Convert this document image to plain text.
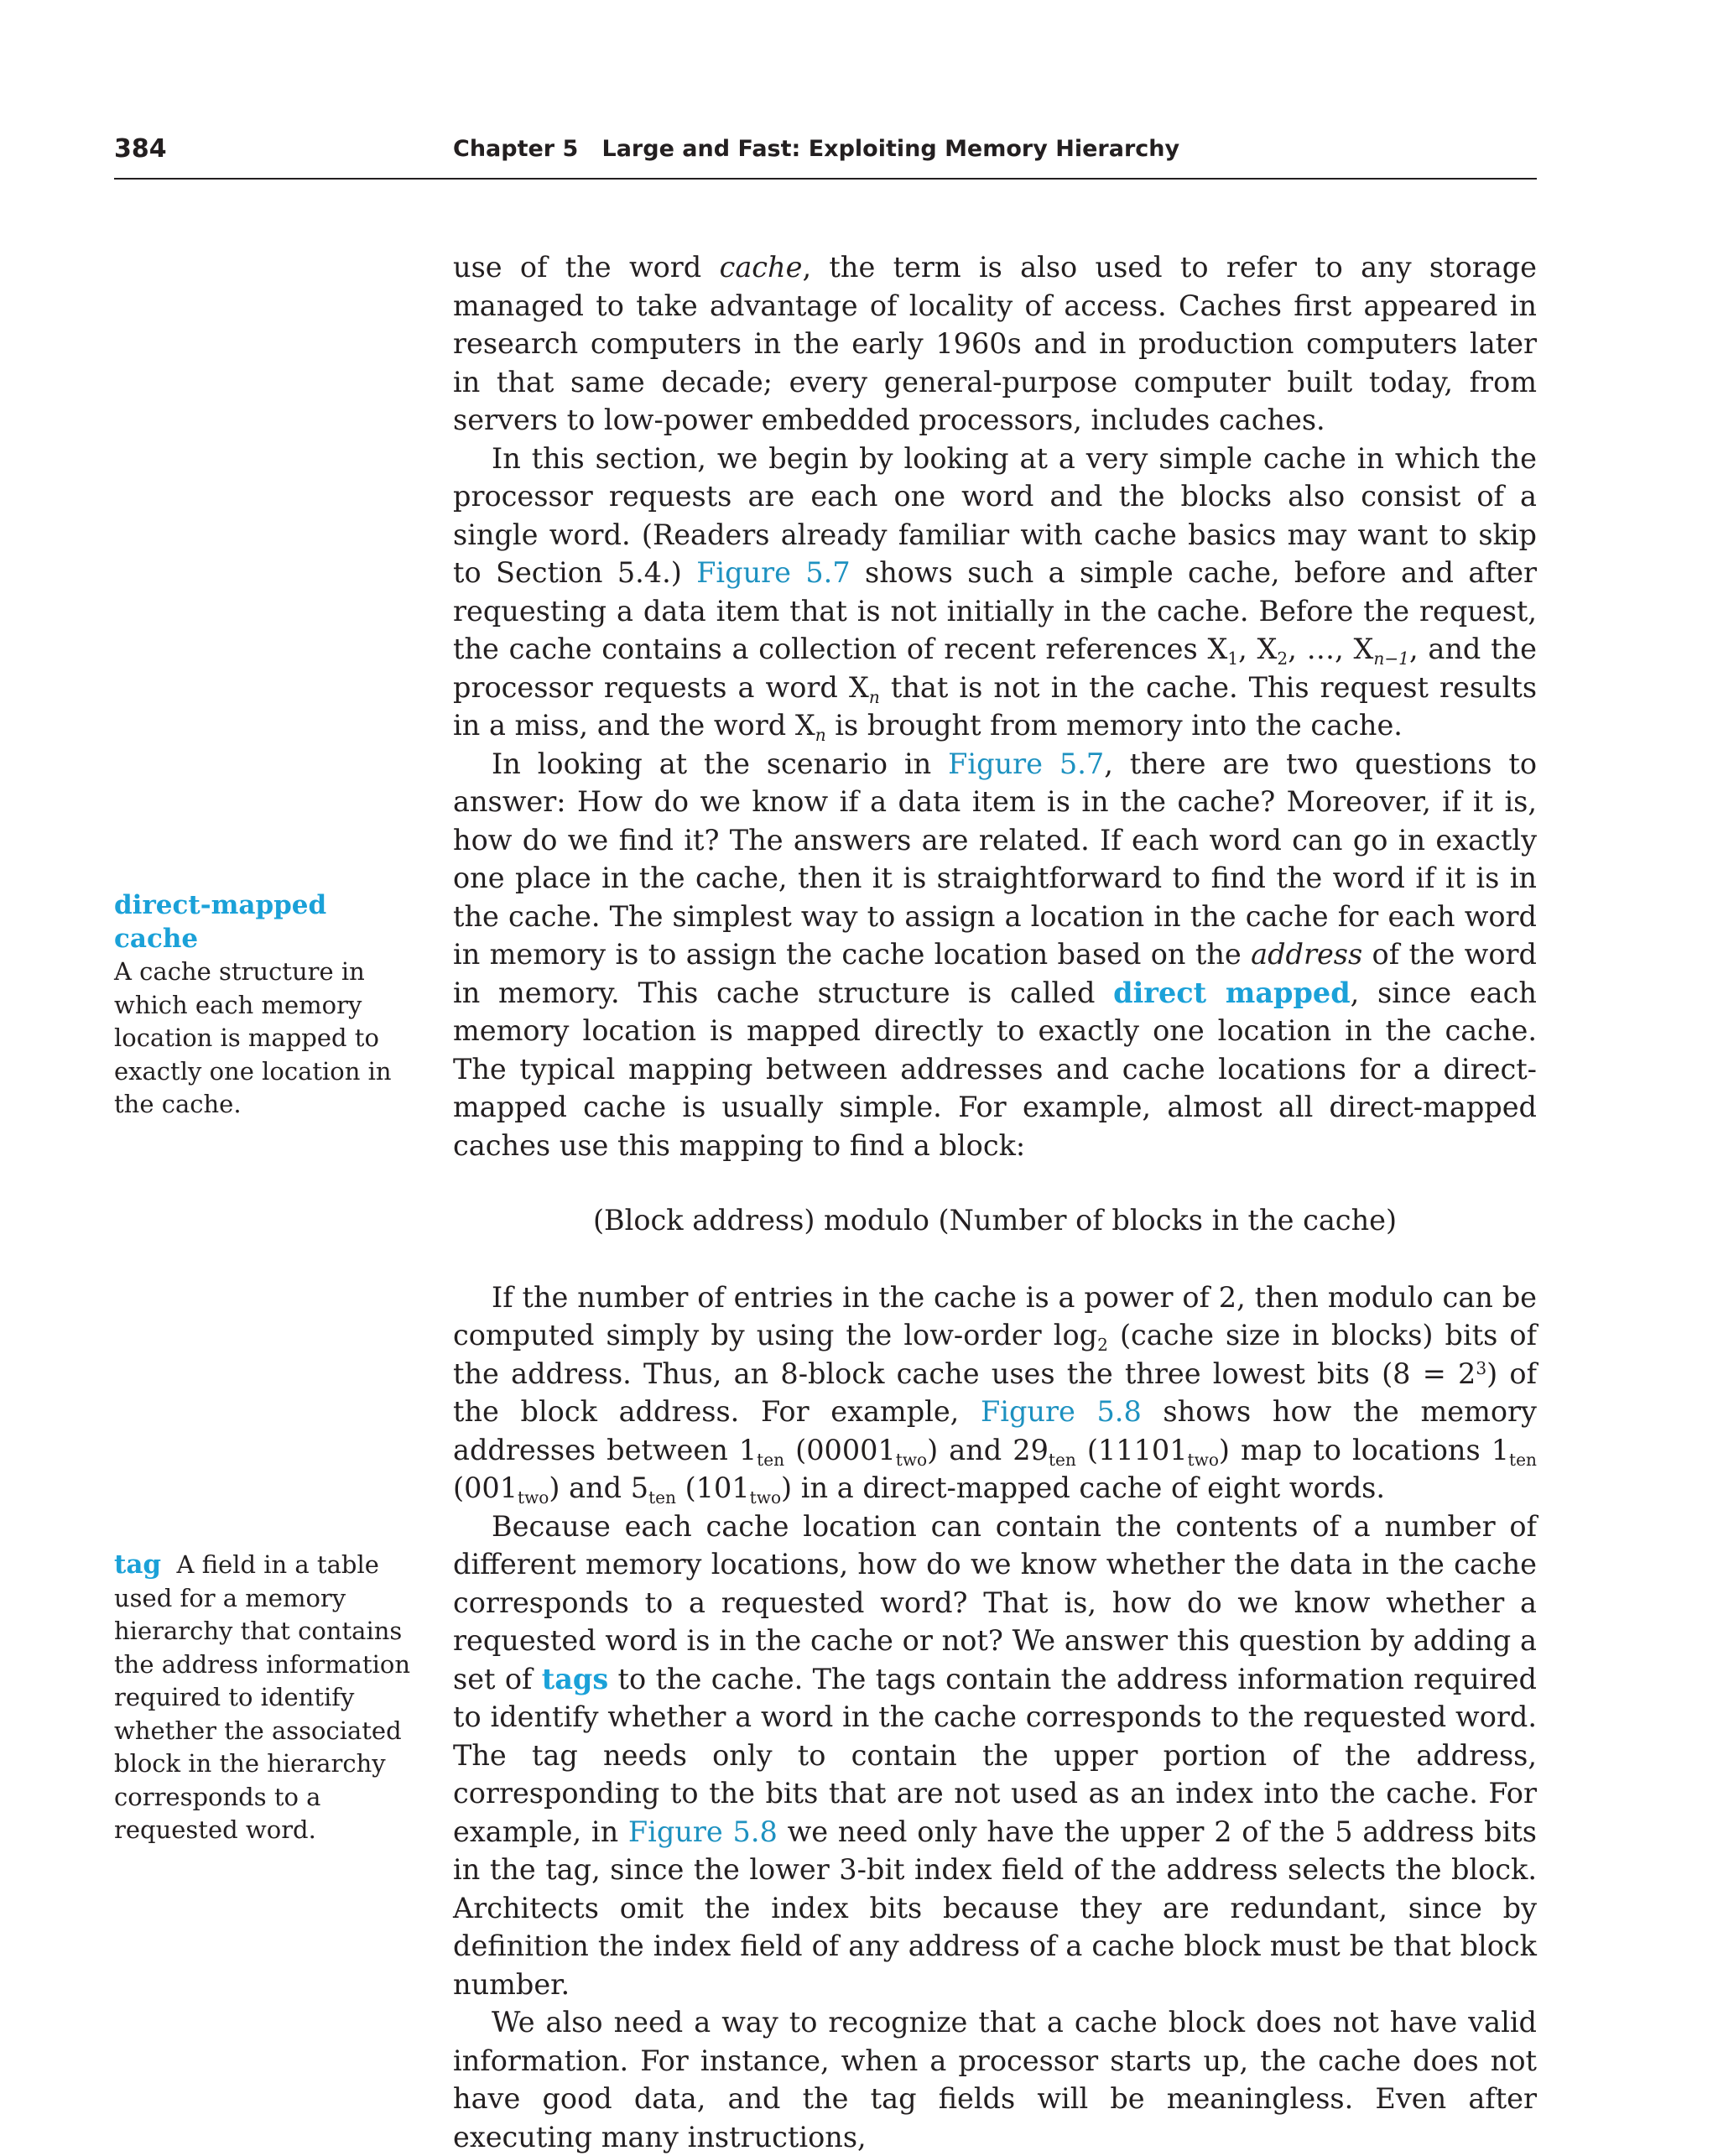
384	Chapter 5   Large and Fast: Exploiting Memory Hierarchy
direct-mapped cache
A cache structure in which each memory location is mapped to exactly one location in the cache.
tag A field in a table used for a memory hierarchy that contains the address information required to identify whether the associated block in the hierarchy corresponds to a requested word.

use of the word cache, the term is also used to refer to any storage managed to take advantage of locality of access. Caches first appeared in research computers in the early 1960s and in production computers later in that same decade; every general-purpose computer built today, from servers to low-power embedded processors, includes caches.

In this section, we begin by looking at a very simple cache in which the processor requests are each one word and the blocks also consist of a single word. (Readers already familiar with cache basics may want to skip to Section 5.4.) Figure 5.7 shows such a simple cache, before and after requesting a data item that is not initially in the cache. Before the request, the cache contains a collection of recent references $X_1$, $X_2$, …, $X_{n-1}$, and the processor requests a word $X_n$ that is not in the cache. This request results in a miss, and the word $X_n$ is brought from memory into the cache.

In looking at the scenario in Figure 5.7, there are two questions to answer: How do we know if a data item is in the cache? Moreover, if it is, how do we find it? The answers are related. If each word can go in exactly one place in the cache, then it is straightforward to find the word if it is in the cache. The simplest way to assign a location in the cache for each word in memory is to assign the cache location based on the address of the word in memory. This cache structure is called direct mapped, since each memory location is mapped directly to exactly one location in the cache. The typical mapping between addresses and cache locations for a direct-mapped cache is usually simple. For example, almost all direct-mapped caches use this mapping to find a block:

(Block address) modulo (Number of blocks in the cache)

If the number of entries in the cache is a power of 2, then modulo can be computed simply by using the low-order $\log_2$ (cache size in blocks) bits of the address. Thus, an 8-block cache uses the three lowest bits $(8 = 2^3)$ of the block address. For example, Figure 5.8 shows how the memory addresses between $1_{ten}$ $(00001_{two})$ and $29_{ten}$ $(11101_{two})$ map to locations $1_{ten}$ $(001_{two})$ and $5_{ten}$ $(101_{two})$ in a direct-mapped cache of eight words.

Because each cache location can contain the contents of a number of different memory locations, how do we know whether the data in the cache corresponds to a requested word? That is, how do we know whether a requested word is in the cache or not? We answer this question by adding a set of tags to the cache. The tags contain the address information required to identify whether a word in the cache corresponds to the requested word. The tag needs only to contain the upper portion of the address, corresponding to the bits that are not used as an index into the cache. For example, in Figure 5.8 we need only have the upper 2 of the 5 address bits in the tag, since the lower 3-bit index field of the address selects the block. Architects omit the index bits because they are redundant, since by definition the index field of any address of a cache block must be that block number.

We also need a way to recognize that a cache block does not have valid information. For instance, when a processor starts up, the cache does not have good data, and the tag fields will be meaningless. Even after executing many instructions,
